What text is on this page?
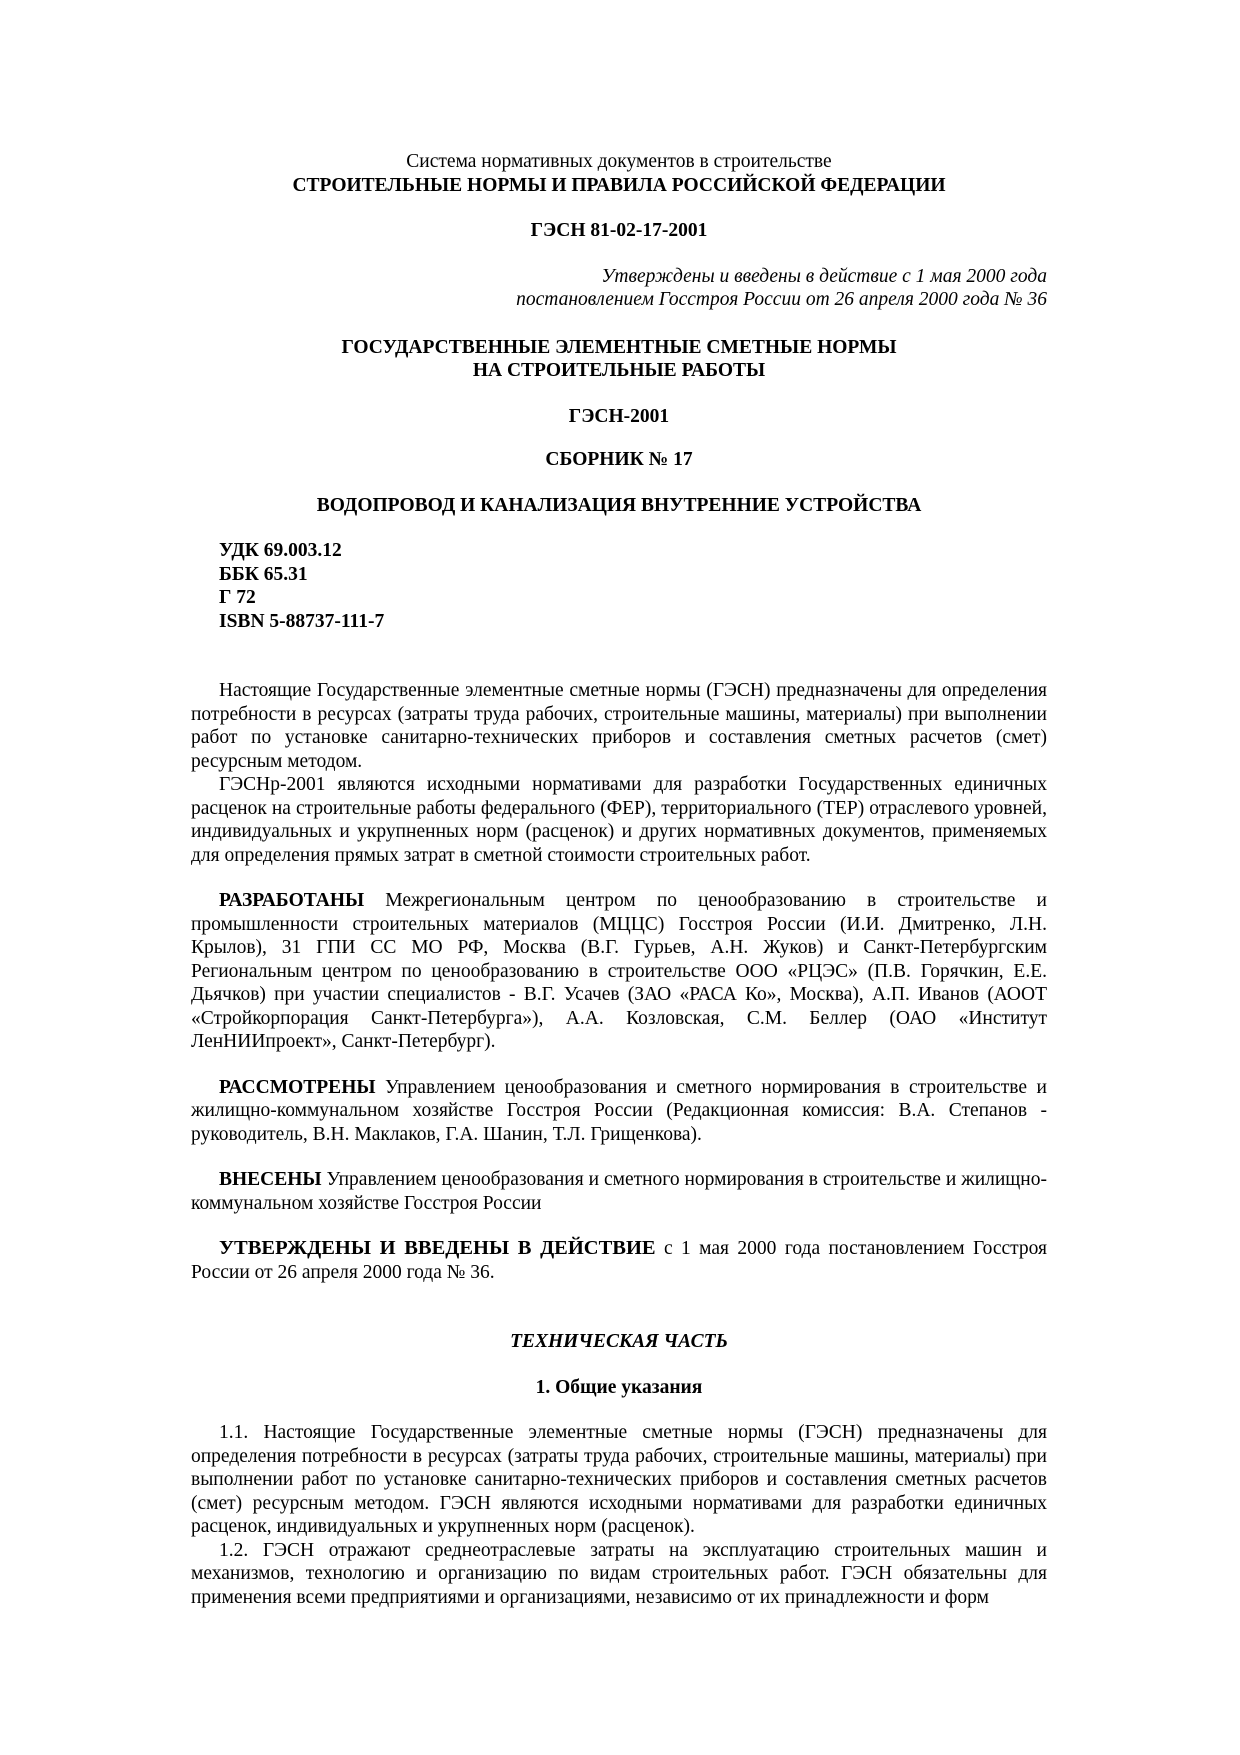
Система нормативных документов в строительстве

СТРОИТЕЛЬНЫЕ НОРМЫ И ПРАВИЛА РОССИЙСКОЙ ФЕДЕРАЦИИ

ГЭСН 81-02-17-2001

Утверждены и введены в действие с 1 мая 2000 года

постановлением Госстроя России от 26 апреля 2000 года № 36

ГОСУДАРСТВЕННЫЕ ЭЛЕМЕНТНЫЕ СМЕТНЫЕ НОРМЫ

НА СТРОИТЕЛЬНЫЕ РАБОТЫ

ГЭСН-2001

СБОРНИК № 17

ВОДОПРОВОД И КАНАЛИЗАЦИЯ ВНУТРЕННИЕ УСТРОЙСТВА

УДК 69.003.12

ББК 65.31

Г 72

ISBN 5-88737-111-7

Настоящие Государственные элементные сметные нормы (ГЭСН) предназначены для определения потребности в ресурсах (затраты труда рабочих, строительные машины, материалы) при выполнении работ по установке санитарно-технических приборов и составления сметных расчетов (смет) ресурсным методом.

ГЭСНр-2001 являются исходными нормативами для разработки Государственных единичных расценок на строительные работы федерального (ФЕР), территориального (ТЕР) отраслевого уровней, индивидуальных и укрупненных норм (расценок) и других нормативных документов, применяемых для определения прямых затрат в сметной стоимости строительных работ.

РАЗРАБОТАНЫ Межрегиональным центром по ценообразованию в строительстве и промышленности строительных материалов (МЦЦС) Госстроя России (И.И. Дмитренко, Л.Н. Крылов), 31 ГПИ СС МО РФ, Москва (В.Г. Гурьев, А.Н. Жуков) и Санкт-Петербургским Региональным центром по ценообразованию в строительстве ООО «РЦЭС» (П.В. Горячкин, Е.Е. Дьячков) при участии специалистов - В.Г. Усачев (ЗАО «РАСА Ко», Москва), А.П. Иванов (АООТ «Стройкорпорация Санкт-Петербурга»), А.А. Козловская, С.М. Беллер (ОАО «Институт ЛенНИИпроект», Санкт-Петербург).

РАССМОТРЕНЫ Управлением ценообразования и сметного нормирования в строительстве и жилищно-коммунальном хозяйстве Госстроя России (Редакционная комиссия: В.А. Степанов - руководитель, В.Н. Маклаков, Г.А. Шанин, Т.Л. Грищенкова).

ВНЕСЕНЫ Управлением ценообразования и сметного нормирования в строительстве и жилищно-коммунальном хозяйстве Госстроя России

УТВЕРЖДЕНЫ И ВВЕДЕНЫ В ДЕЙСТВИЕ с 1 мая 2000 года постановлением Госстроя России от 26 апреля 2000 года № 36.

ТЕХНИЧЕСКАЯ ЧАСТЬ

1. Общие указания

1.1. Настоящие Государственные элементные сметные нормы (ГЭСН) предназначены для определения потребности в ресурсах (затраты труда рабочих, строительные машины, материалы) при выполнении работ по установке санитарно-технических приборов и составления сметных расчетов (смет) ресурсным методом. ГЭСН являются исходными нормативами для разработки единичных расценок, индивидуальных и укрупненных норм (расценок).

1.2. ГЭСН отражают среднеотраслевые затраты на эксплуатацию строительных машин и механизмов, технологию и организацию по видам строительных работ. ГЭСН обязательны для применения всеми предприятиями и организациями, независимо от их принадлежности и форм
